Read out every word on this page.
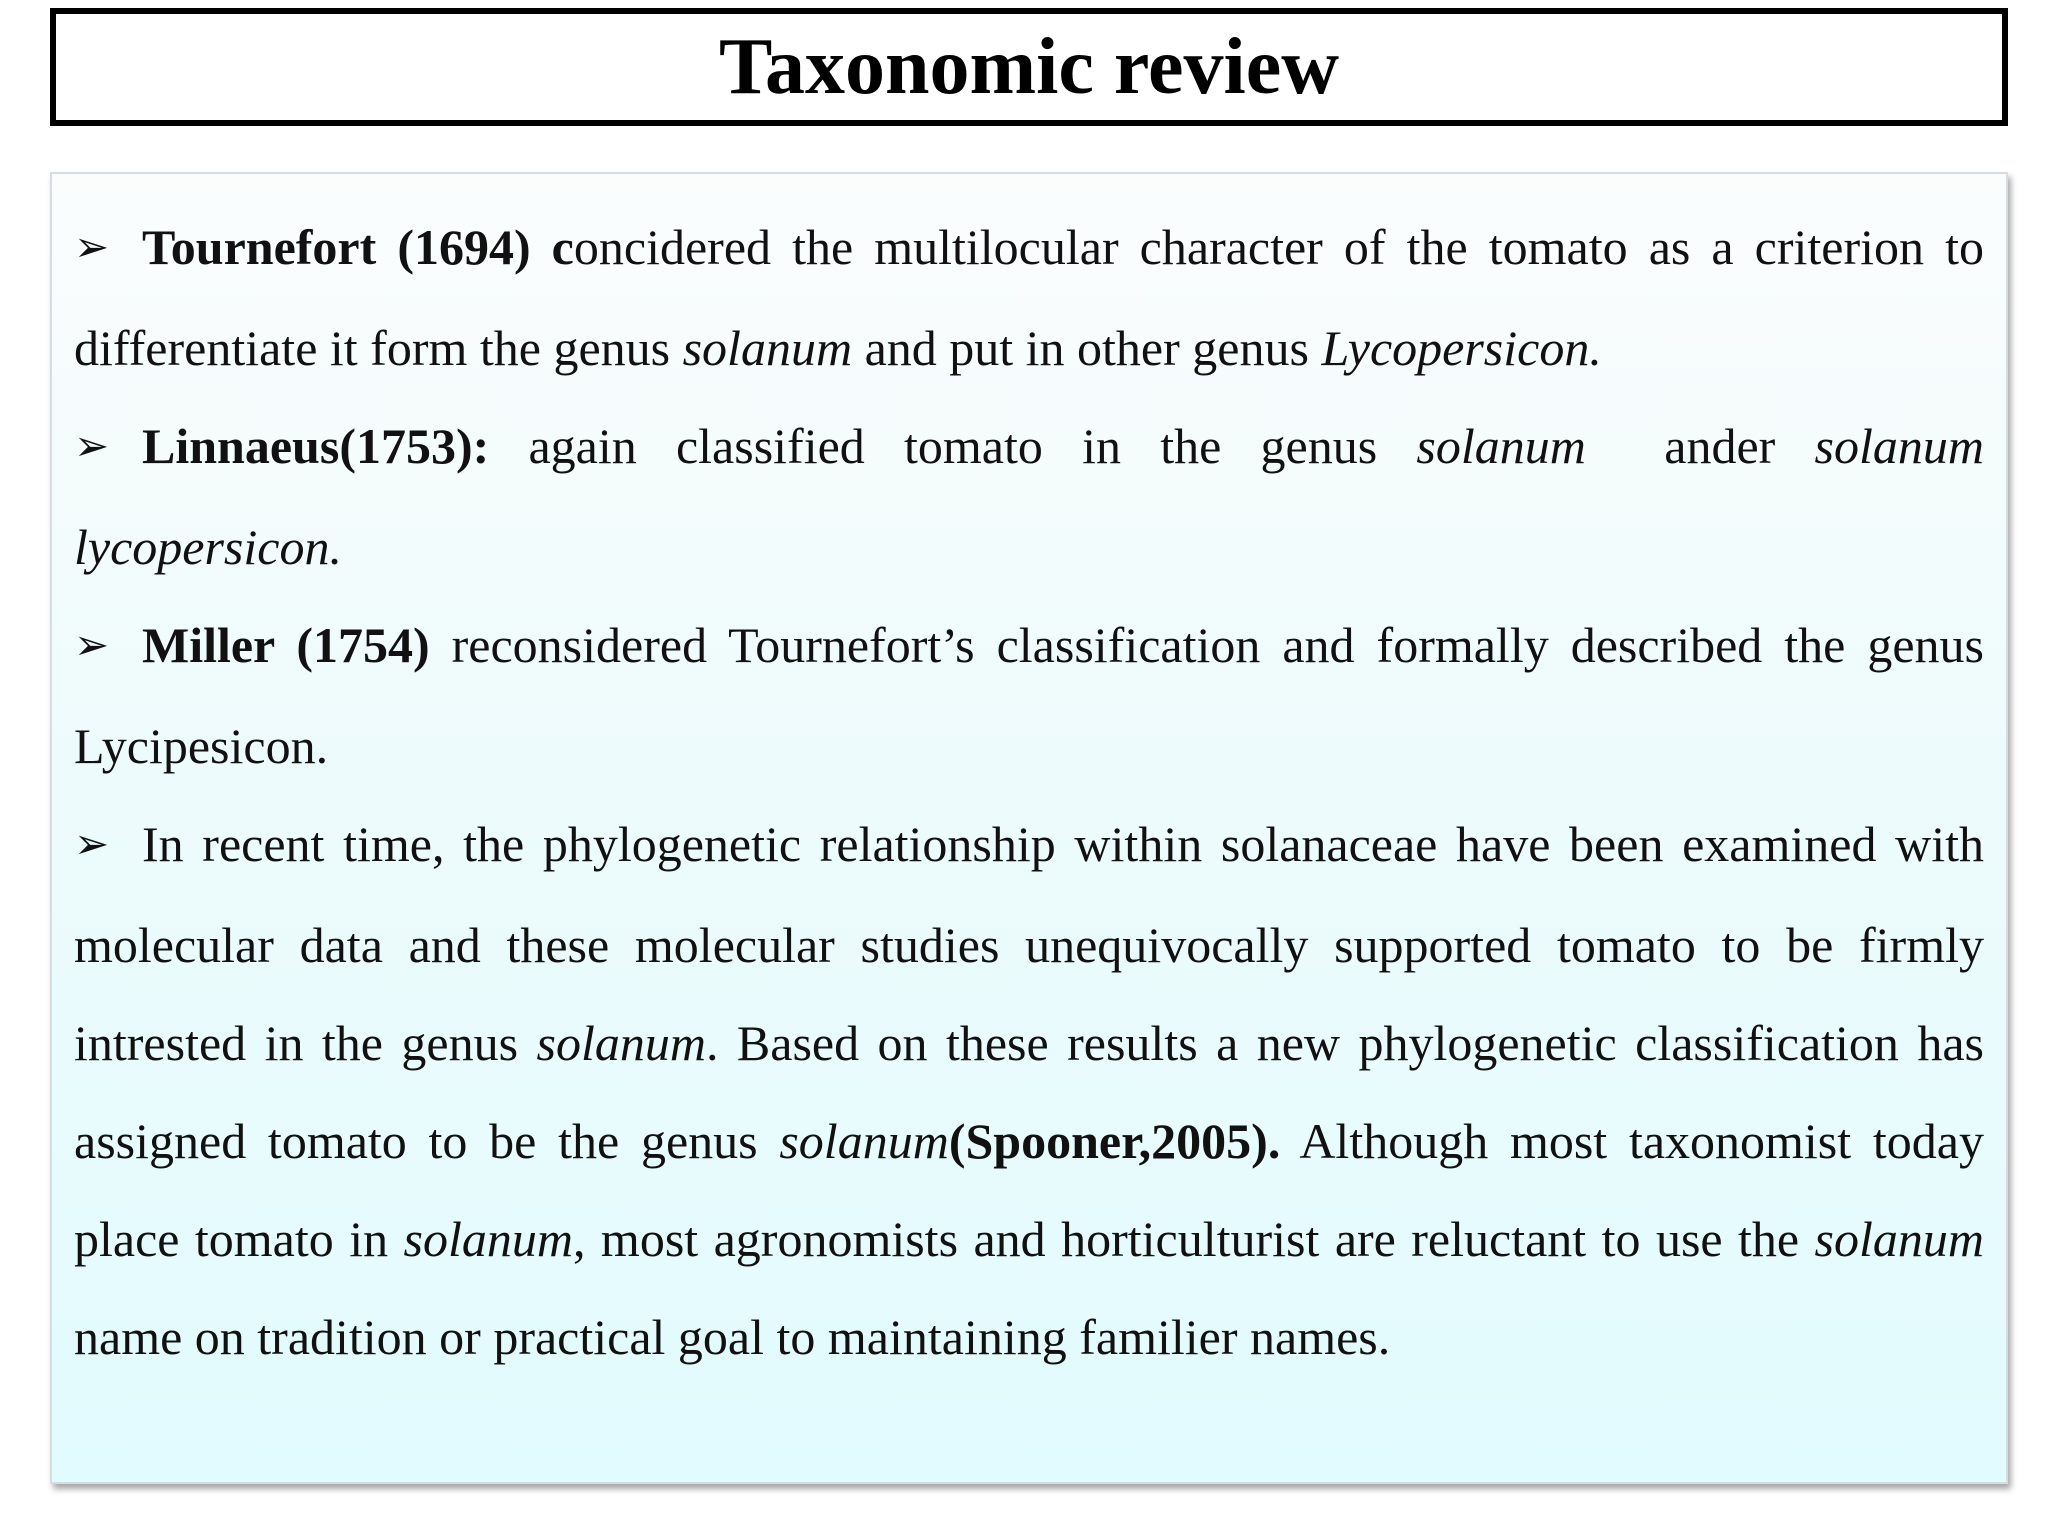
Taxonomic review

➢ Tournefort (1694) concidered the multilocular character of the tomato as a criterion to differentiate it form the genus solanum and put in other genus Lycopersicon.

➢ Linnaeus(1753): again classified tomato in the genus solanum  ander solanum lycopersicon.

➢ Miller (1754) reconsidered Tournefort’s classification and formally described the genus Lycipesicon.

➢ In recent time, the phylogenetic relationship within solanaceae have been examined with molecular data and these molecular studies unequivocally supported tomato to be firmly intrested in the genus solanum. Based on these results a new phylogenetic classification has assigned tomato to be the genus solanum(Spooner,2005). Although most taxonomist today place tomato in solanum, most agronomists and horticulturist are reluctant to use the solanum name on tradition or practical goal to maintaining familier names.
